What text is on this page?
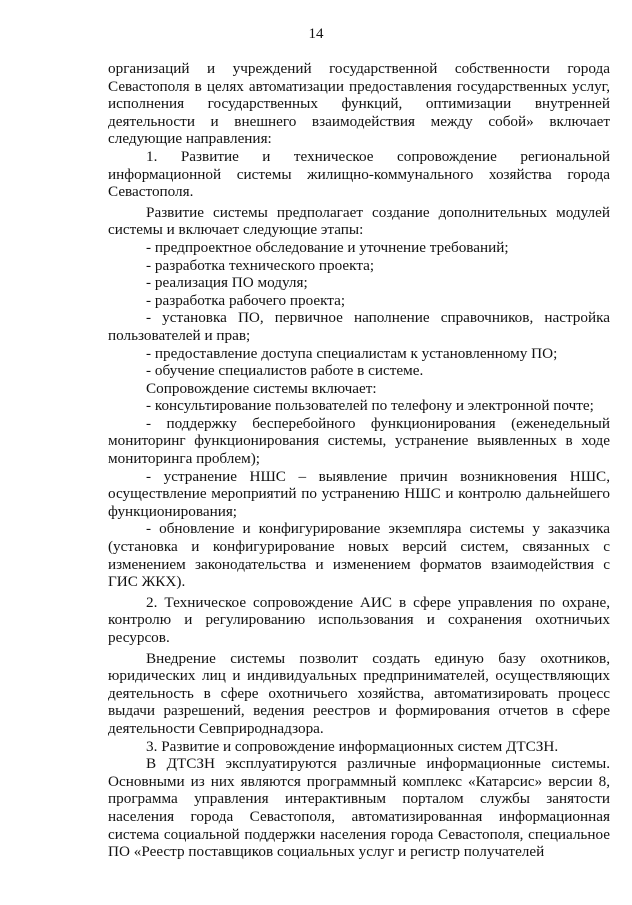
14

организаций и учреждений государственной собственности города Севастополя в целях автоматизации предоставления государственных услуг, исполнения государственных функций, оптимизации внутренней деятельности и внешнего взаимодействия между собой» включает следующие направления:

1. Развитие и техническое сопровождение региональной информационной системы жилищно-коммунального хозяйства города Севастополя.

Развитие системы предполагает создание дополнительных модулей системы и включает следующие этапы:

- предпроектное обследование и уточнение требований;

- разработка технического проекта;

- реализация ПО модуля;

- разработка рабочего проекта;

- установка ПО, первичное наполнение справочников, настройка пользователей и прав;

- предоставление доступа специалистам к установленному ПО;

- обучение специалистов работе в системе.

Сопровождение системы включает:

- консультирование пользователей по телефону и электронной почте;

- поддержку бесперебойного функционирования (еженедельный мониторинг функционирования системы, устранение выявленных в ходе мониторинга проблем);

- устранение НШС – выявление причин возникновения НШС, осуществление мероприятий по устранению НШС и контролю дальнейшего функционирования;

- обновление и конфигурирование экземпляра системы у заказчика (установка и конфигурирование новых версий систем, связанных с изменением законодательства и изменением форматов взаимодействия с ГИС ЖКХ).

2. Техническое сопровождение АИС в сфере управления по охране, контролю и регулированию использования и сохранения охотничьих ресурсов.

Внедрение системы позволит создать единую базу охотников, юридических лиц и индивидуальных предпринимателей, осуществляющих деятельность в сфере охотничьего хозяйства, автоматизировать процесс выдачи разрешений, ведения реестров и формирования отчетов в сфере деятельности Севприроднадзора.

3. Развитие и сопровождение информационных систем ДТСЗН.

В ДТСЗН эксплуатируются различные информационные системы. Основными из них являются программный комплекс «Катарсис» версии 8, программа управления интерактивным порталом службы занятости населения города Севастополя, автоматизированная информационная система социальной поддержки населения города Севастополя, специальное ПО «Реестр поставщиков социальных услуг и регистр получателей
